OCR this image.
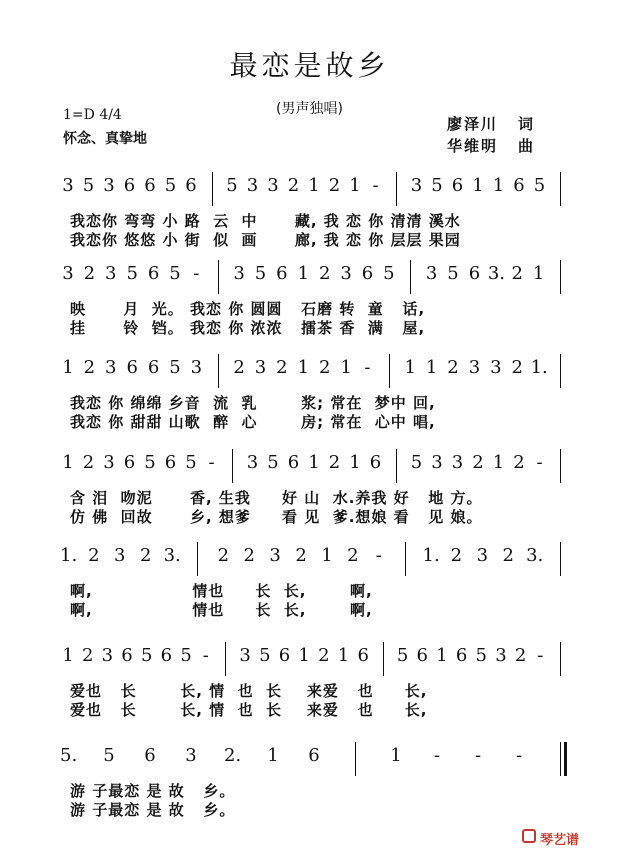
最恋是故乡
(男声独唱)
1=D 4/4
怀念、真挚地
廖泽川 词
华维明 曲
3 5 3 6 6 5 6 5 3 3 2 1 2 1 - 3 5 6 1 1 6 5
我恋你 弯弯 小 路  云  中      藏, 我 恋 你 清清 溪水
我恋你 悠悠 小 街  似  画      廊, 我 恋 你 层层 果园
3 2 3 5 6 5 - 3 5 6 1 2 3 6 5 3 5 6 3. 2 1
映      月  光。 我恋 你 圆圆   石磨 转  童   话,
挂      铃  铛。 我恋 你 浓浓   擂茶 香  满   屋,
1 2 3 6 6 5 3 2 3 2 1 2 1 - 1 1 2 3 3 2 1.
我恋 你 绵绵 乡音  流  乳       浆; 常在  梦中 回,
我恋 你 甜甜 山歌  醉  心       房; 常在  心中 唱,
1 2 3 6 5 6 5 - 3 5 6 1 2 1 6 5 3 3 2 1 2 -
含 泪  吻泥      香, 生我     好 山  水.养我 好   地 方。
仿 佛  回故      乡, 想爹     看 见  爹.想娘 看   见 娘。
1. 2 3 2 3. 2 2 3 2 1 2 - 1. 2 3 2 3.
啊,                情也     长  长,       啊,
啊,                情也     长  长,       啊,
1 2 3 6 5 6 5 - 3 5 6 1 2 1 6 5 6 1 6 5 3 2 -
爱也   长       长, 情  也  长    来爱   也     长,
爱也   长       长, 情  也  长    来爱   也     长,
5. 5 6 3 2. 1 6	1 - - -
游 子最恋 是 故   乡。
游 子最恋 是 故   乡。
琴艺谱
